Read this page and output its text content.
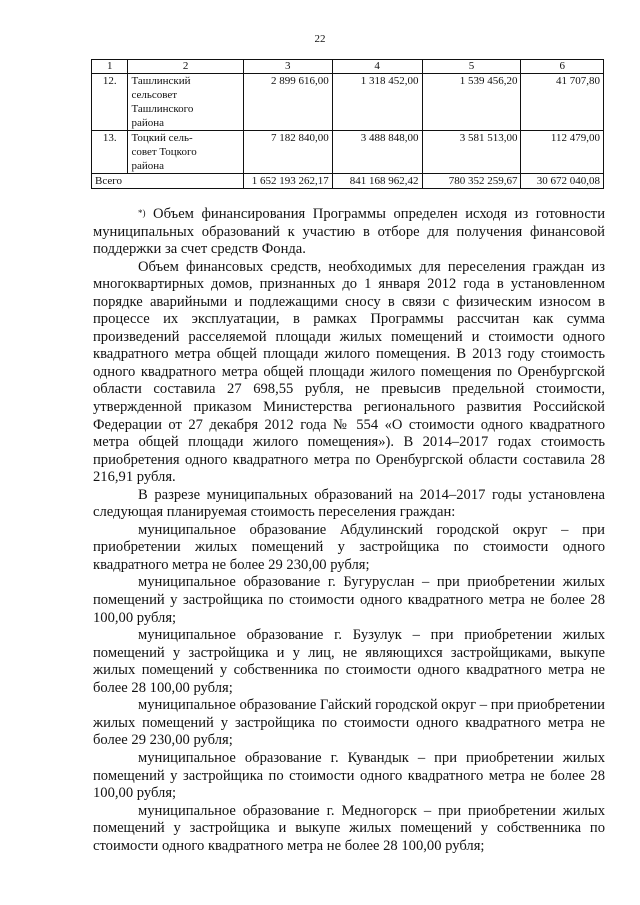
22
1	2	3	4	5	6
12.	Ташлинский
сельсовет
Ташлинского
района	2 899 616,00	1 318 452,00	1 539 456,20	41 707,80
13.	Тоцкий сель-
совет Тоцкого
района	7 182 840,00	3 488 848,00	3 581 513,00	112 479,00
Всего		1 652 193 262,17	841 168 962,42	780 352 259,67	30 672 040,08

*) Объем финансирования Программы определен исходя из готовности муниципальных образований к участию в отборе для получения финансовой поддержки за счет средств Фонда.

Объем финансовых средств, необходимых для переселения граждан из многоквартирных домов, признанных до 1 января 2012 года в установленном порядке аварийными и подлежащими сносу в связи с физическим износом в процессе их эксплуатации, в рамках Программы рассчитан как сумма произведений расселяемой площади жилых помещений и стоимости одного квадратного метра общей площади жилого помещения. В 2013 году стоимость одного квадратного метра общей площади жилого помещения по Оренбургской области составила 27 698,55 рубля, не превысив предельной стоимости, утвержденной приказом Министерства регионального развития Российской Федерации от 27 декабря 2012 года № 554 «О стоимости одного квадратного метра общей площади жилого помещения»). В 2014–2017 годах стоимость приобретения одного квадратного метра по Оренбургской области составила 28 216,91 рубля.

В разрезе муниципальных образований на 2014–2017 годы установлена следующая планируемая стоимость переселения граждан:

муниципальное образование Абдулинский городской округ – при приобретении жилых помещений у застройщика по стоимости одного квадратного метра не более 29 230,00 рубля;

муниципальное образование г. Бугуруслан – при приобретении жилых помещений у застройщика по стоимости одного квадратного метра не более 28 100,00 рубля;

муниципальное образование г. Бузулук – при приобретении жилых помещений у застройщика и у лиц, не являющихся застройщиками, выкупе жилых помещений у собственника по стоимости одного квадратного метра не более 28 100,00 рубля;

муниципальное образование Гайский городской округ – при приобретении жилых помещений у застройщика по стоимости одного квадратного метра не более 29 230,00 рубля;

муниципальное образование г. Кувандык – при приобретении жилых помещений у застройщика по стоимости одного квадратного метра не более 28 100,00 рубля;

муниципальное образование г. Медногорск – при приобретении жилых помещений у застройщика и выкупе жилых помещений у собственника по стоимости одного квадратного метра не более 28 100,00 рубля;
